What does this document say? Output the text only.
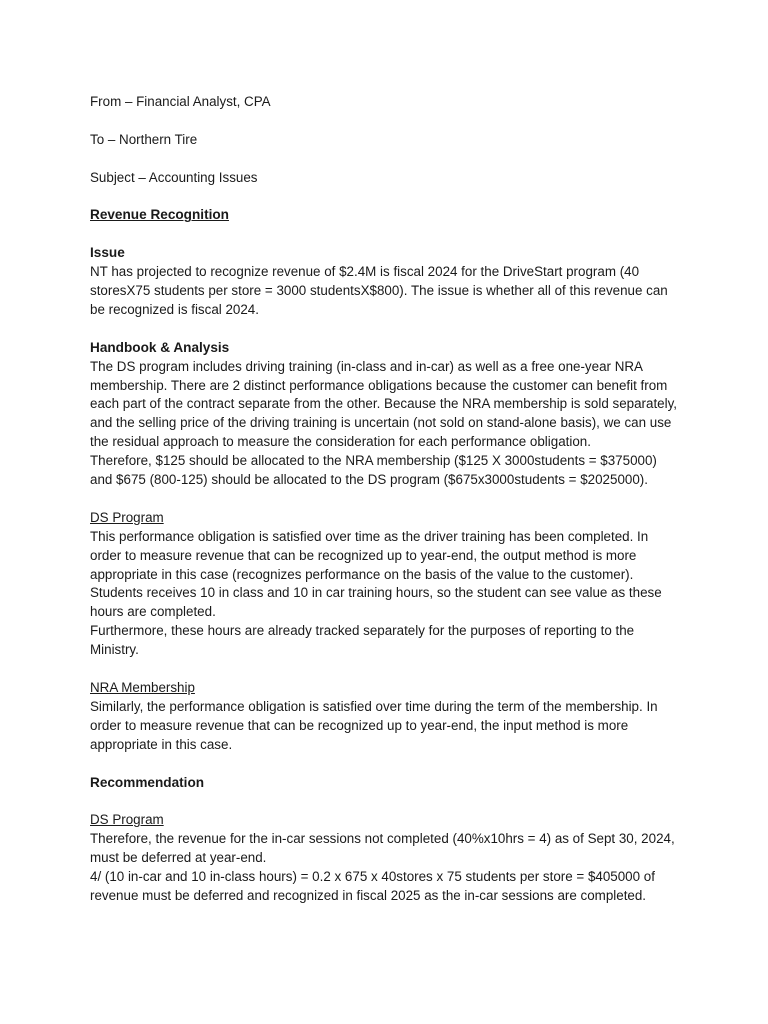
From – Financial Analyst, CPA

To – Northern Tire

Subject – Accounting Issues

Revenue Recognition

Issue

NT has projected to recognize revenue of $2.4M is fiscal 2024 for the DriveStart program (40 storesX75 students per store = 3000 studentsX$800). The issue is whether all of this revenue can be recognized is fiscal 2024.

Handbook & Analysis

The DS program includes driving training (in-class and in-car) as well as a free one-year NRA membership. There are 2 distinct performance obligations because the customer can benefit from each part of the contract separate from the other. Because the NRA membership is sold separately, and the selling price of the driving training is uncertain (not sold on stand-alone basis), we can use the residual approach to measure the consideration for each performance obligation.

Therefore, $125 should be allocated to the NRA membership ($125 X 3000students = $375000) and $675 (800-125) should be allocated to the DS program ($675x3000students = $2025000).

DS Program

This performance obligation is satisfied over time as the driver training has been completed. In order to measure revenue that can be recognized up to year-end, the output method is more appropriate in this case (recognizes performance on the basis of the value to the customer). Students receives 10 in class and 10 in car training hours, so the student can see value as these hours are completed.

Furthermore, these hours are already tracked separately for the purposes of reporting to the Ministry.

NRA Membership

Similarly, the performance obligation is satisfied over time during the term of the membership. In order to measure revenue that can be recognized up to year-end, the input method is more appropriate in this case.

Recommendation

DS Program

Therefore, the revenue for the in-car sessions not completed (40%x10hrs = 4) as of Sept 30, 2024, must be deferred at year-end.

4/ (10 in-car and 10 in-class hours) = 0.2 x 675 x 40stores x 75 students per store = $405000 of revenue must be deferred and recognized in fiscal 2025 as the in-car sessions are completed.
